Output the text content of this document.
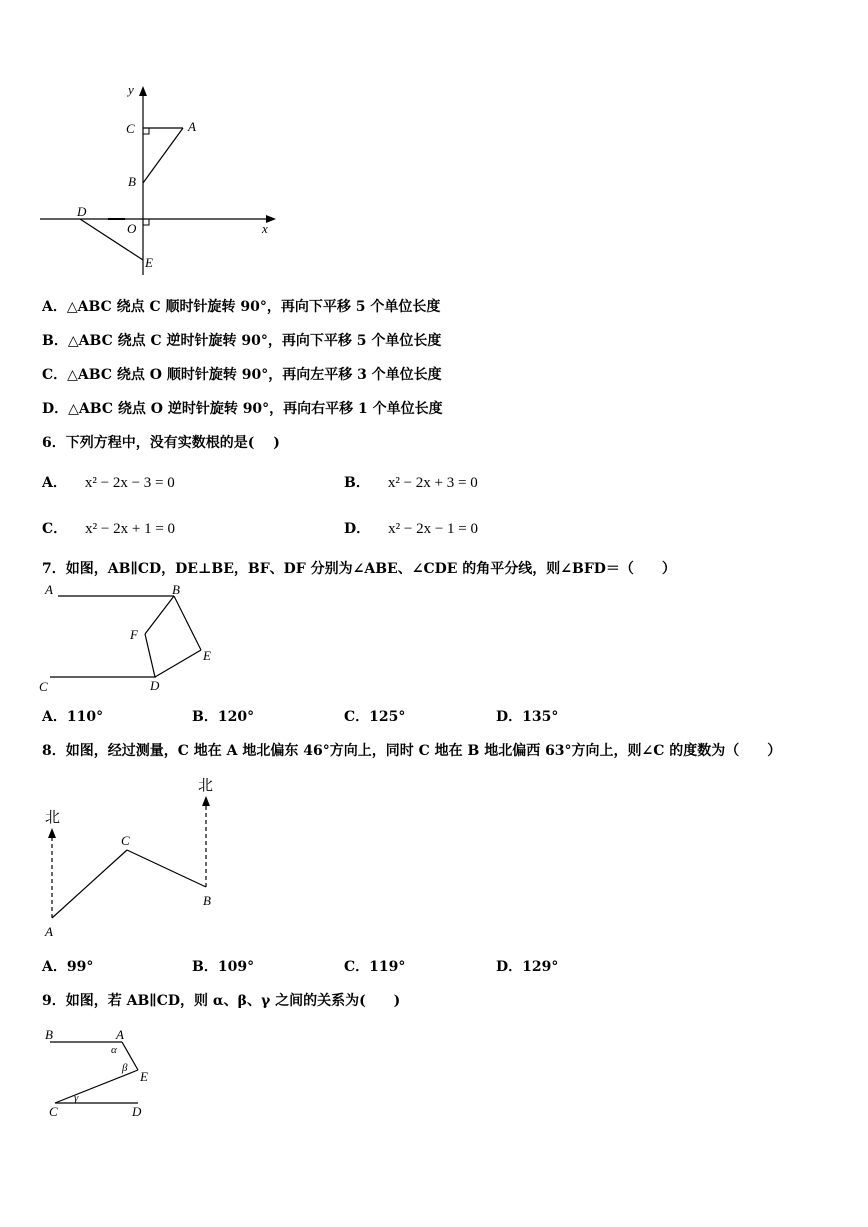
y
x
C	A
B
D
O
E
A．△ABC 绕点 C 顺时针旋转 90°，再向下平移 5 个单位长度
B．△ABC 绕点 C 逆时针旋转 90°，再向下平移 5 个单位长度
C．△ABC 绕点 O 顺时针旋转 90°，再向左平移 3 个单位长度
D．△ABC 绕点 O 逆时针旋转 90°，再向右平移 1 个单位长度
6．下列方程中，没有实数根的是(　 )
A． x² − 2x − 3 = 0	B． x² − 2x + 3 = 0
C． x² − 2x + 1 = 0	D． x² − 2x − 1 = 0
7．如图，AB∥CD，DE⊥BE，BF、DF 分别为∠ABE、∠CDE 的角平分线，则∠BFD＝（　　）
A	B
F
E
C	D
A．110°	B．120°	C．125°	D．135°
8．如图，经过测量，C 地在 A 地北偏东 46°方向上，同时 C 地在 B 地北偏西 63°方向上，则∠C 的度数为（　　）
北
北
C
A
B
A．99°	B．109°	C．119°	D．129°
9．如图，若 AB∥CD，则 α、β、γ 之间的关系为(　　)
B	A
α
β
E
γ
C	D
